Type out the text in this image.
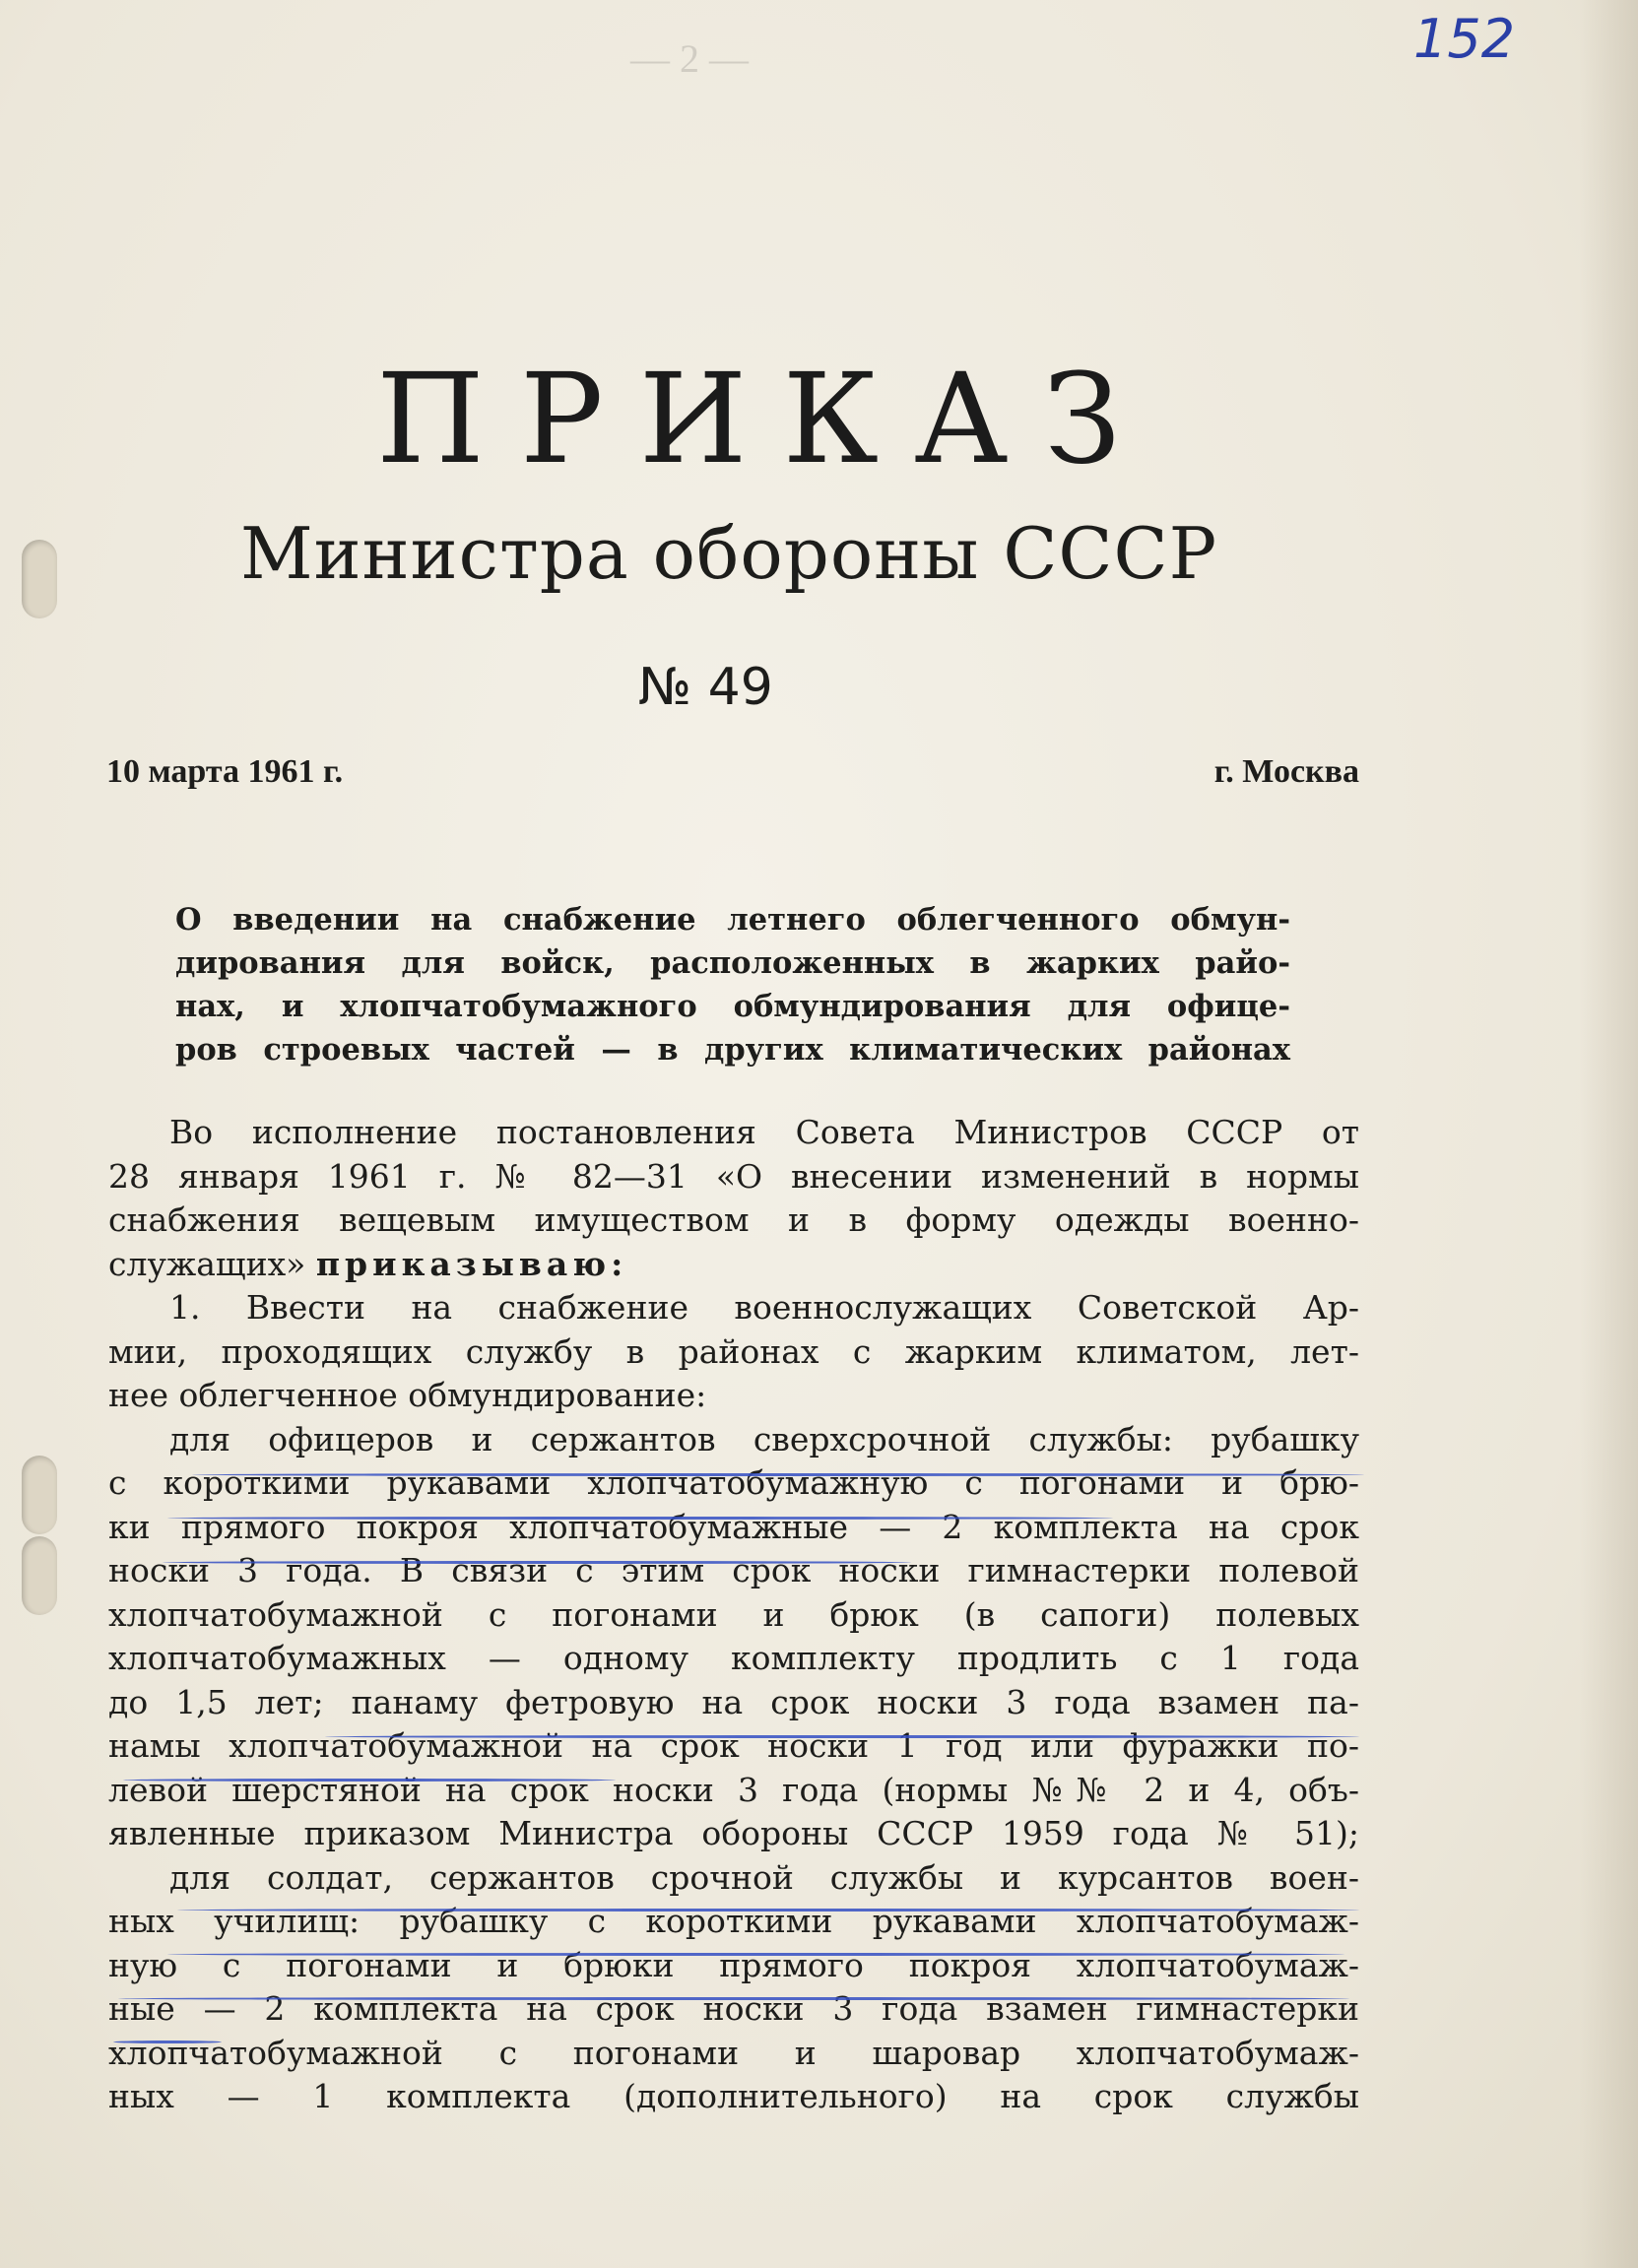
152
— 2 —
ПРИКАЗ
Министра обороны СССР
№ 49
10 марта 1961 г.	г. Москва
О введении на снабжение летнего облегченного обмун-
дирования для войск, расположенных в жарких райо-
нах, и хлопчатобумажного обмундирования для офице-
ров строевых частей — в других климатических районах
Во исполнение постановления Совета Министров СССР от
28 января 1961 г. № 82—31 «О внесении изменений в нормы
снабжения вещевым имуществом и в форму одежды военно-
служащих» приказываю:
1. Ввести на снабжение военнослужащих Советской Ар-
мии, проходящих службу в районах с жарким климатом, лет-
нее облегченное обмундирование:
для офицеров и сержантов сверхсрочной службы: рубашку
с короткими рукавами хлопчатобумажную с погонами и брю-
ки прямого покроя хлопчатобумажные — 2 комплекта на срок
носки 3 года. В связи с этим срок носки гимнастерки полевой
хлопчатобумажной с погонами и брюк (в сапоги) полевых
хлопчатобумажных — одному комплекту продлить с 1 года
до 1,5 лет; панаму фетровую на срок носки 3 года взамен па-
намы хлопчатобумажной на срок носки 1 год или фуражки по-
левой шерстяной на срок носки 3 года (нормы №№ 2 и 4, объ-
явленные приказом Министра обороны СССР 1959 года № 51);
для солдат, сержантов срочной службы и курсантов воен-
ных училищ: рубашку с короткими рукавами хлопчатобумаж-
ную с погонами и брюки прямого покроя хлопчатобумаж-
ные — 2 комплекта на срок носки 3 года взамен гимнастерки
хлопчатобумажной с погонами и шаровар хлопчатобумаж-
ных — 1 комплекта (дополнительного) на срок службы
